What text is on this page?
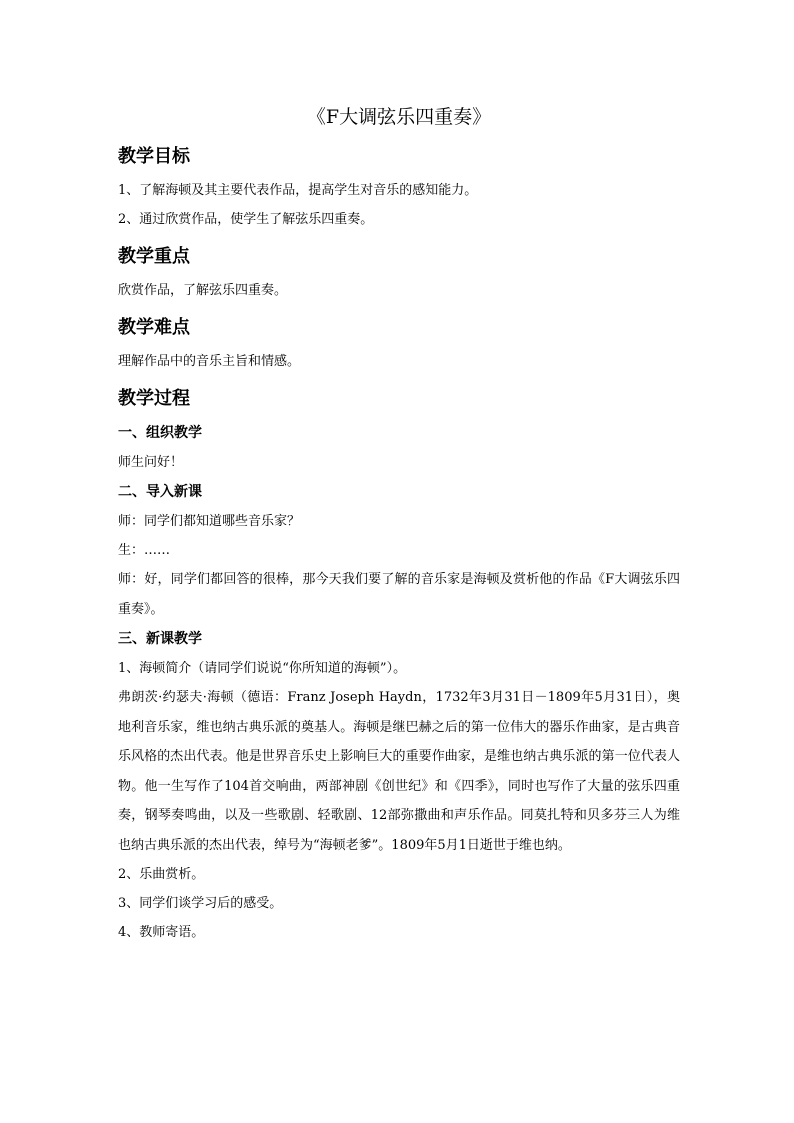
《F大调弦乐四重奏》
教学目标
1、了解海顿及其主要代表作品，提高学生对音乐的感知能力。
2、通过欣赏作品，使学生了解弦乐四重奏。
教学重点
欣赏作品，了解弦乐四重奏。
教学难点
理解作品中的音乐主旨和情感。
教学过程
一、组织教学
师生问好！
二、导入新课
师：同学们都知道哪些音乐家？
生：……
师：好，同学们都回答的很棒，那今天我们要了解的音乐家是海顿及赏析他的作品《F大调弦乐四重奏》。
三、新课教学
1、海顿简介（请同学们说说“你所知道的海顿”）。
弗朗茨·约瑟夫·海顿（德语：Franz Joseph Haydn，1732年3月31日－1809年5月31日），奥地利音乐家，维也纳古典乐派的奠基人。海顿是继巴赫之后的第一位伟大的器乐作曲家，是古典音乐风格的杰出代表。他是世界音乐史上影响巨大的重要作曲家，是维也纳古典乐派的第一位代表人物。他一生写作了104首交响曲，两部神剧《创世纪》和《四季》，同时也写作了大量的弦乐四重奏，钢琴奏鸣曲，以及一些歌剧、轻歌剧、12部弥撒曲和声乐作品。同莫扎特和贝多芬三人为维也纳古典乐派的杰出代表，绰号为“海顿老爹”。1809年5月1日逝世于维也纳。
2、乐曲赏析。
3、同学们谈学习后的感受。
4、教师寄语。
